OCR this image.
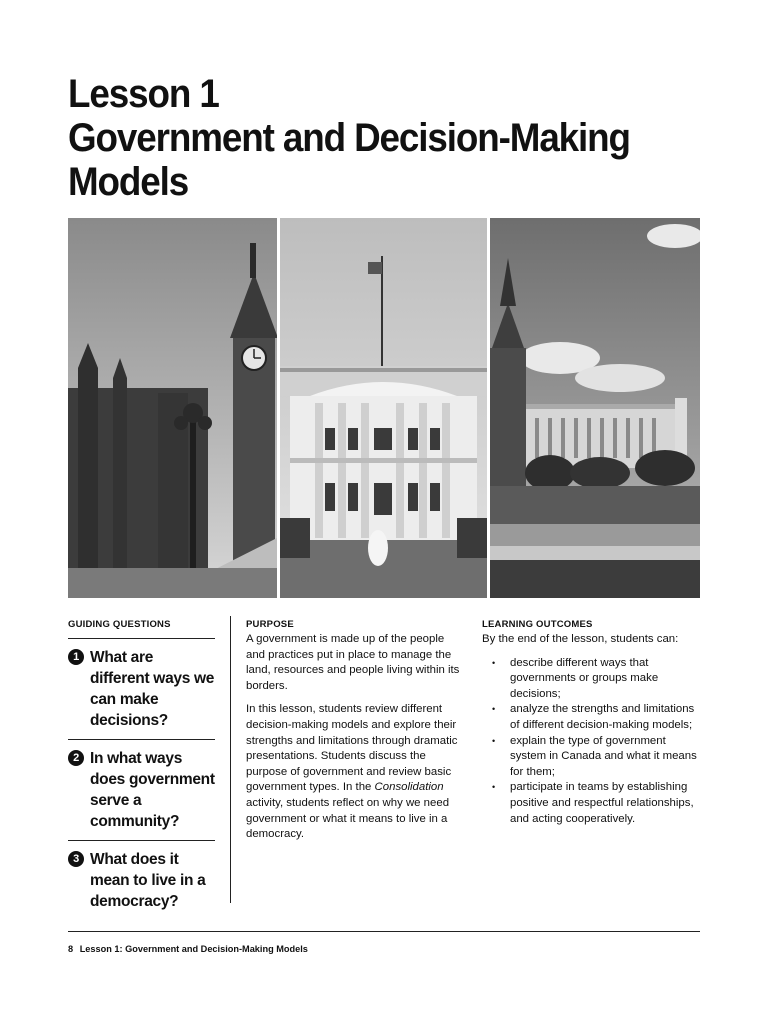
Lesson 1
Government and Decision-Making
Models
GUIDING QUESTIONS
1 What are different ways we can make decisions?
2 In what ways does government serve a community?
3 What does it mean to live in a democracy?
PURPOSE

A government is made up of the people and practices put in place to manage the land, resources and people living within its borders.

In this lesson, students review different decision-making models and explore their strengths and limitations through dramatic presentations. Students discuss the purpose of government and review basic government types. In the Consolidation activity, students reflect on why we need government or what it means to live in a democracy.

LEARNING OUTCOMES
By the end of the lesson, students can:
• describe different ways that governments or groups make decisions;
• analyze the strengths and limitations of different decision-making models;
• explain the type of government system in Canada and what it means for them;
• participate in teams by establishing positive and respectful relationships, and acting cooperatively.
8 Lesson 1: Government and Decision-Making Models
